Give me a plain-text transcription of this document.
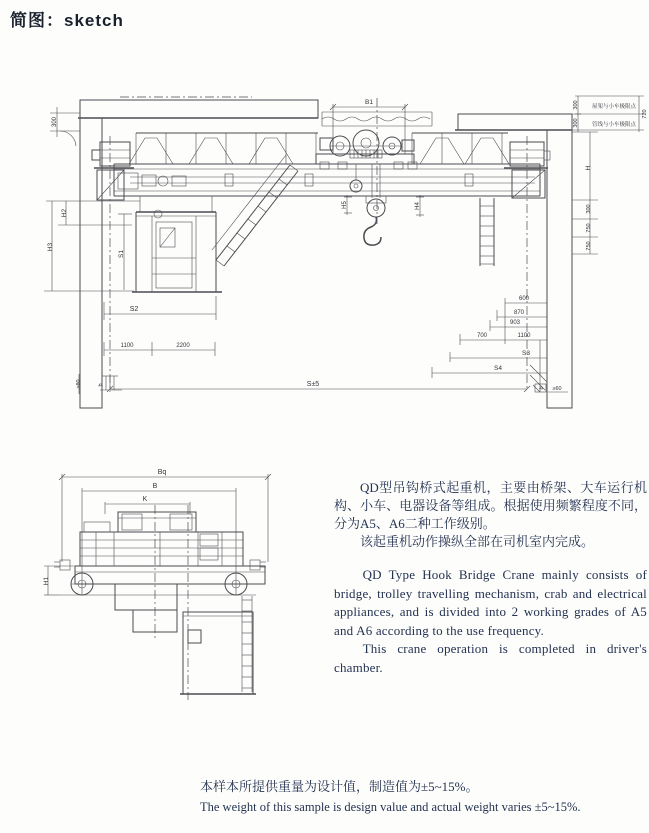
简图：sketch
300
300
300
屋架与小车极限点
管线与小车极限点
720
B1
H5	H4
H2
H3
S1
S2
1100	2200
S±5
≥80	b
600
870
903
700	1100
S3
S4
b ≥60
H
300
750
750
Bq
B
K
H1

QD型吊钩桥式起重机，主要由桥架、大车运行机构、小车、电器设备等组成。根据使用频繁程度不同，分为A5、A6二种工作级别。

该起重机动作操纵全部在司机室内完成。

QD Type Hook Bridge Crane mainly consists of bridge, trolley travelling mechanism, crab and electrical appliances, and is divided into 2 working grades of A5 and A6 according to the use frequency.

This crane operation is completed in driver's chamber.

本样本所提供重量为设计值，制造值为±5~15%。

The weight of this sample is design value and actual weight varies ±5~15%.
